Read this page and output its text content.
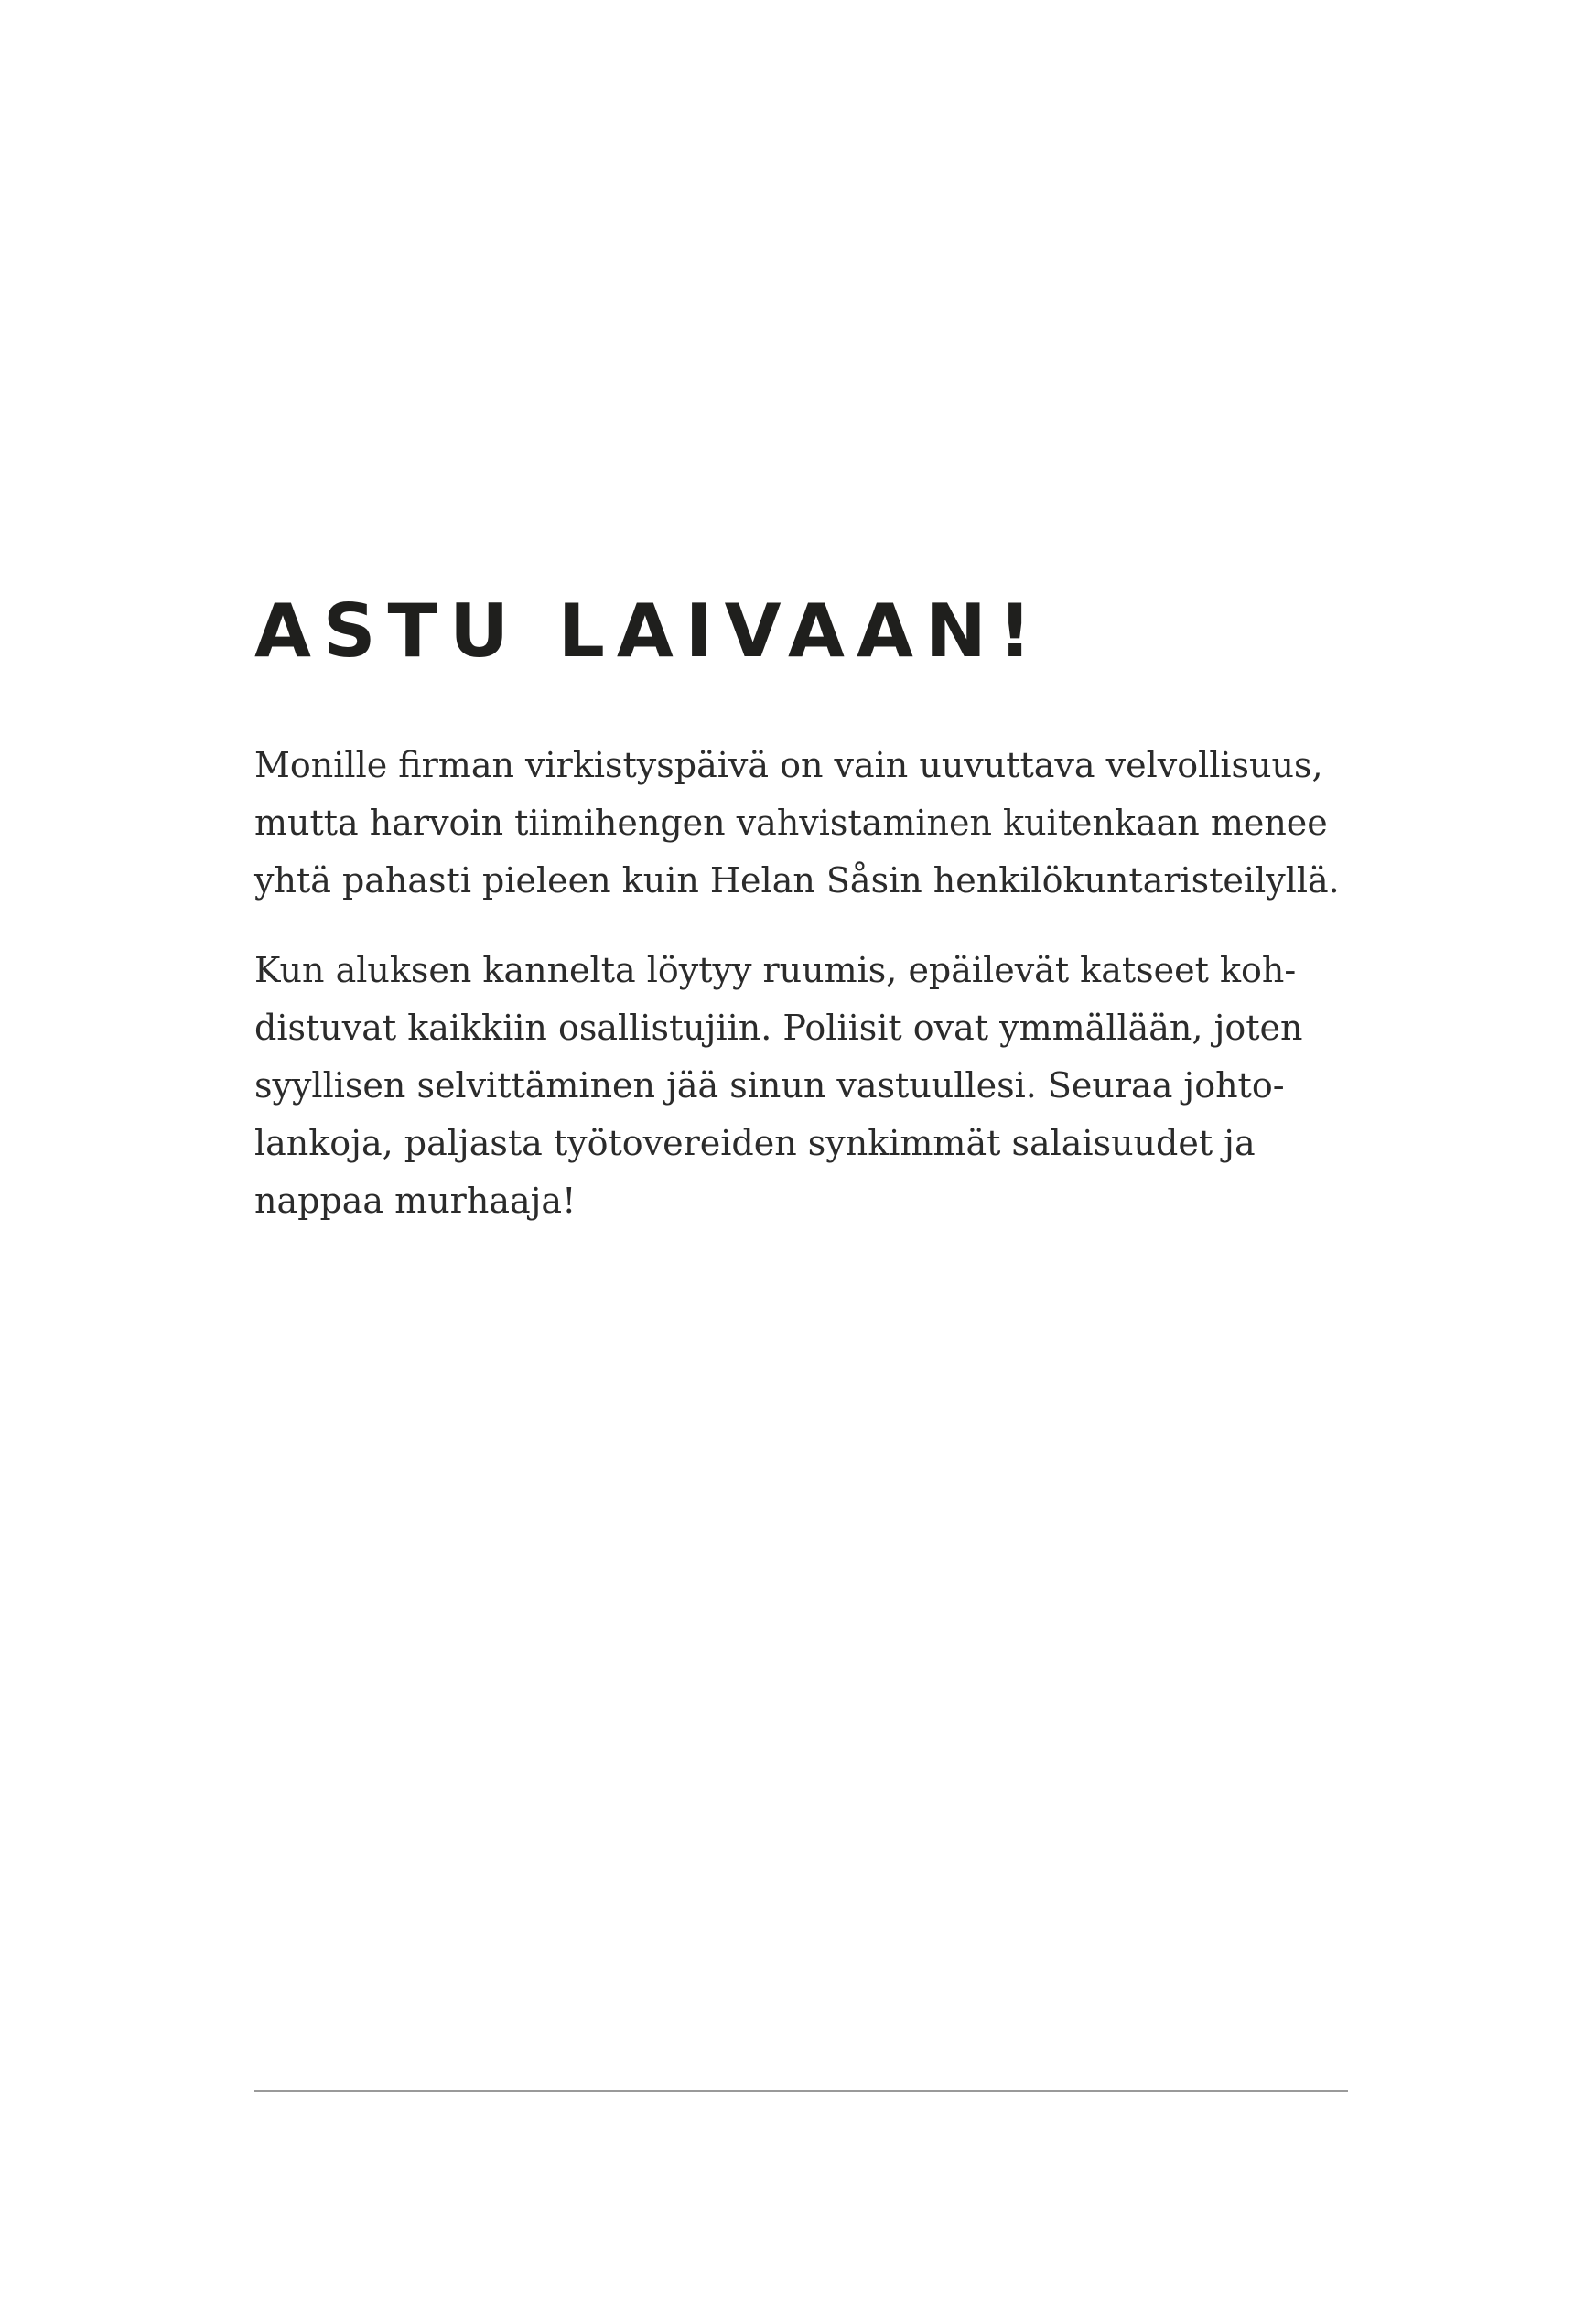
ASTU LAIVAAN!

Monille firman virkistyspäivä on vain uuvuttava velvollisuus,
mutta harvoin tiimihengen vahvistaminen kuitenkaan menee
yhtä pahasti pieleen kuin Helan Såsin henkilökuntaristeilyllä.

Kun aluksen kannelta löytyy ruumis, epäilevät katseet koh-
distuvat kaikkiin osallistujiin. Poliisit ovat ymmällään, joten
syyllisen selvittäminen jää sinun vastuullesi. Seuraa johto-
lankoja, paljasta työtovereiden synkimmät salaisuudet ja
nappaa murhaaja!
